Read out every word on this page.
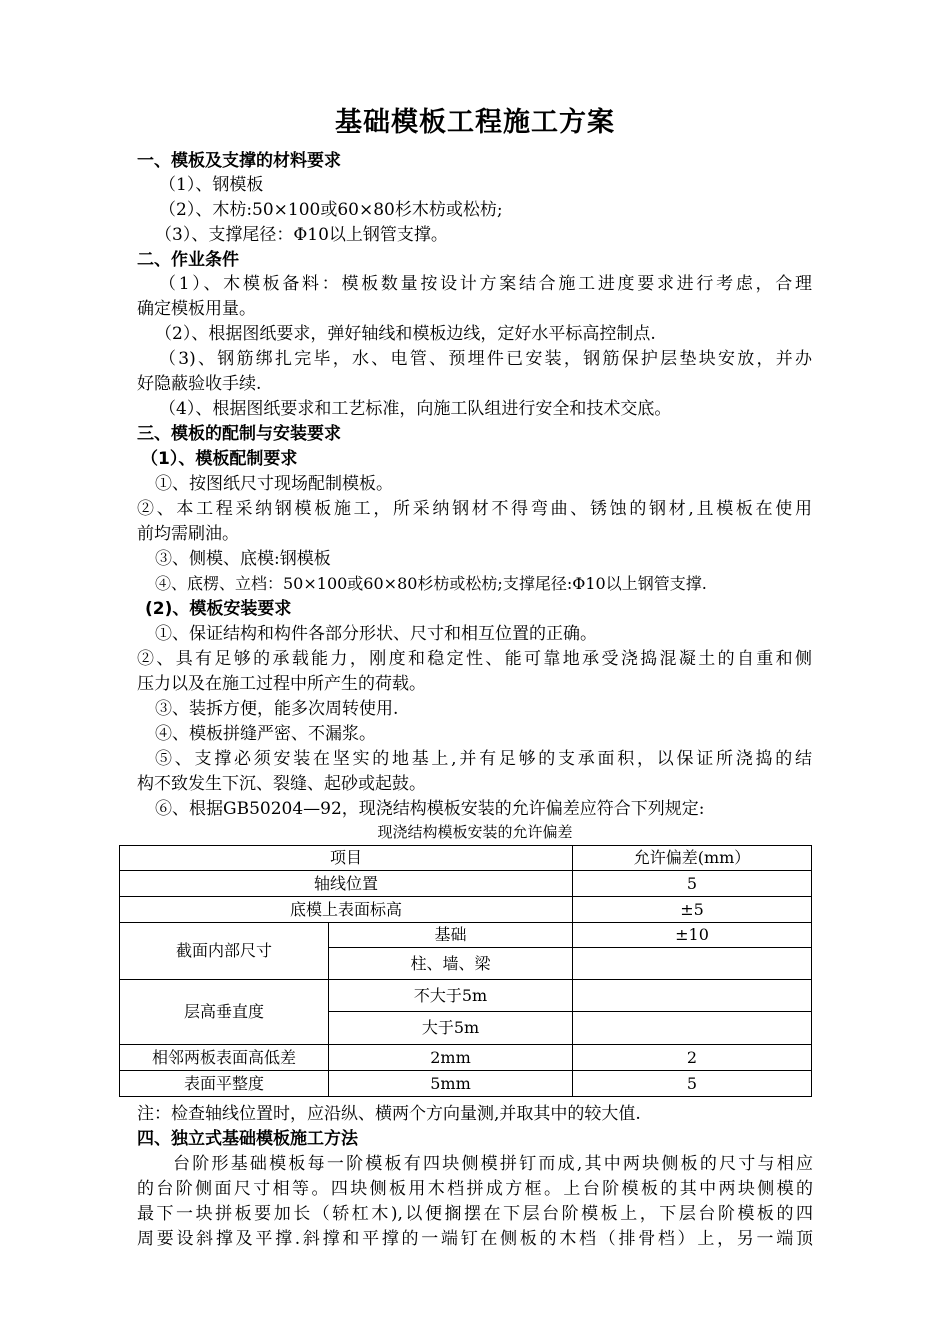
基础模板工程施工方案
一、模板及支撑的材料要求
（1）、钢模板
（2）、木枋:50×100或60×80杉木枋或松枋;
（3）、支撑尾径：Φ10以上钢管支撑。
二、作业条件
（1）、木模板备料：模板数量按设计方案结合施工进度要求进行考虑，合理
确定模板用量。
（2）、根据图纸要求，弹好轴线和模板边线，定好水平标高控制点.
（3)、钢筋绑扎完毕，水、电管、预埋件已安装，钢筋保护层垫块安放，并办
好隐蔽验收手续.
（4）、根据图纸要求和工艺标准，向施工队组进行安全和技术交底。
三、模板的配制与安装要求
（1）、模板配制要求
①、按图纸尺寸现场配制模板。
②、本工程采纳钢模板施工，所采纳钢材不得弯曲、锈蚀的钢材,且模板在使用
前均需刷油。
③、侧模、底模:钢模板
④、底楞、立档：50×100或60×80杉枋或松枋;支撑尾径:Φ10以上钢管支撑.
(2)、模板安装要求
①、保证结构和构件各部分形状、尺寸和相互位置的正确。
②、具有足够的承载能力，刚度和稳定性、能可靠地承受浇捣混凝土的自重和侧
压力以及在施工过程中所产生的荷载。
③、装拆方便，能多次周转使用.
④、模板拼缝严密、不漏浆。
⑤、支撑必须安装在坚实的地基上,并有足够的支承面积，以保证所浇捣的结
构不致发生下沉、裂缝、起砂或起鼓。
⑥、根据GB50204—92，现浇结构模板安装的允许偏差应符合下列规定:
现浇结构模板安装的允许偏差
项目		允许偏差(mm）
轴线位置		5
底模上表面标高		±5
截面内部尺寸	基础	±10
	柱、墙、梁	
层高垂直度	不大于5m	
	大于5m	
相邻两板表面高低差	2mm	2
表面平整度	5mm	5
注：检查轴线位置时，应沿纵、横两个方向量测,并取其中的较大值.
四、独立式基础模板施工方法
台阶形基础模板每一阶模板有四块侧模拼钉而成,其中两块侧板的尺寸与相应
的台阶侧面尺寸相等。四块侧板用木档拼成方框。上台阶模板的其中两块侧模的
最下一块拼板要加长（轿杠木),以便搁摆在下层台阶模板上，下层台阶模板的四
周要设斜撑及平撑.斜撑和平撑的一端钉在侧板的木档（排骨档）上，另一端顶
